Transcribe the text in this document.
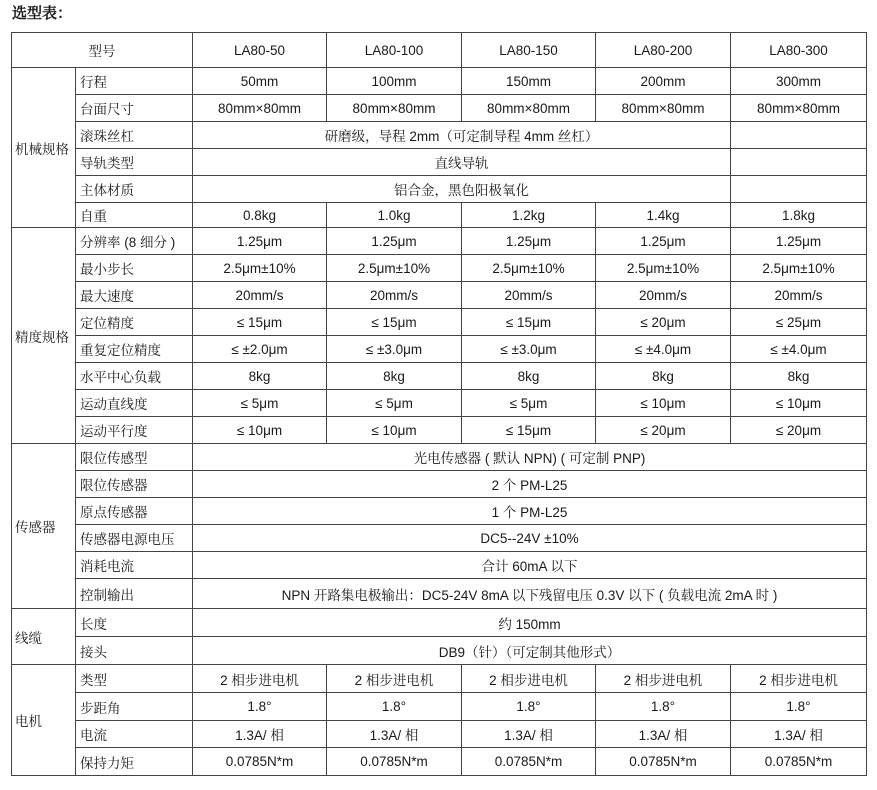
选型表：
型号		LA80-50	LA80-100	LA80-150	LA80-200	LA80-300
机械规格	行程	50mm	100mm	150mm	200mm	300mm
	台面尺寸	80mm×80mm	80mm×80mm	80mm×80mm	80mm×80mm	80mm×80mm
	滚珠丝杠	研磨级，导程 2mm（可定制导程 4mm 丝杠）				
	导轨类型	直线导轨				
	主体材质	铝合金，黑色阳极氧化				
	自重	0.8kg	1.0kg	1.2kg	1.4kg	1.8kg
精度规格	分辨率 (8 细分 )	1.25μm	1.25μm	1.25μm	1.25μm	1.25μm
	最小步长	2.5μm±10%	2.5μm±10%	2.5μm±10%	2.5μm±10%	2.5μm±10%
	最大速度	20mm/s	20mm/s	20mm/s	20mm/s	20mm/s
	定位精度	≤ 15μm	≤ 15μm	≤ 15μm	≤ 20μm	≤ 25μm
	重复定位精度	≤ ±2.0μm	≤ ±3.0μm	≤ ±3.0μm	≤ ±4.0μm	≤ ±4.0μm
	水平中心负载	8kg	8kg	8kg	8kg	8kg
	运动直线度	≤ 5μm	≤ 5μm	≤ 5μm	≤ 10μm	≤ 10μm
	运动平行度	≤ 10μm	≤ 10μm	≤ 15μm	≤ 20μm	≤ 20μm
传感器	限位传感型	光电传感器 ( 默认 NPN) ( 可定制 PNP)				
	限位传感器	2 个 PM-L25				
	原点传感器	1 个 PM-L25				
	传感器电源电压	DC5--24V ±10%				
	消耗电流	合计 60mA 以下				
	控制输出	NPN 开路集电极输出：DC5-24V 8mA 以下残留电压 0.3V 以下 ( 负载电流 2mA 时 )				
线缆	长度	约 150mm				
	接头	DB9（针）（可定制其他形式）				
电机	类型	2 相步进电机	2 相步进电机	2 相步进电机	2 相步进电机	2 相步进电机
	步距角	1.8°	1.8°	1.8°	1.8°	1.8°
	电流	1.3A/ 相	1.3A/ 相	1.3A/ 相	1.3A/ 相	1.3A/ 相
	保持力矩	0.0785N*m	0.0785N*m	0.0785N*m	0.0785N*m	0.0785N*m
